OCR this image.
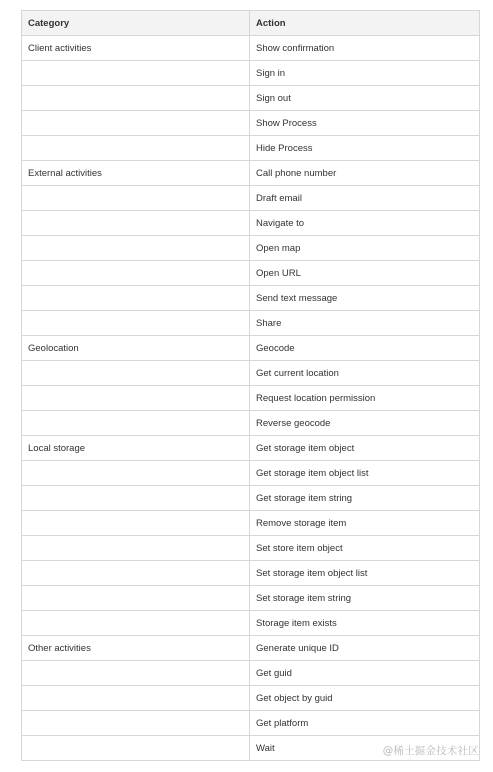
Category	Action
Client activities	Show confirmation
	Sign in
	Sign out
	Show Process
	Hide Process
External activities	Call phone number
	Draft email
	Navigate to
	Open map
	Open URL
	Send text message
	Share
Geolocation	Geocode
	Get current location
	Request location permission
	Reverse geocode
Local storage	Get storage item object
	Get storage item object list
	Get storage item string
	Remove storage item
	Set store item object
	Set storage item object list
	Set storage item string
	Storage item exists
Other activities	Generate unique ID
	Get guid
	Get object by guid
	Get platform
	Wait	@稀土掘金技术社区
